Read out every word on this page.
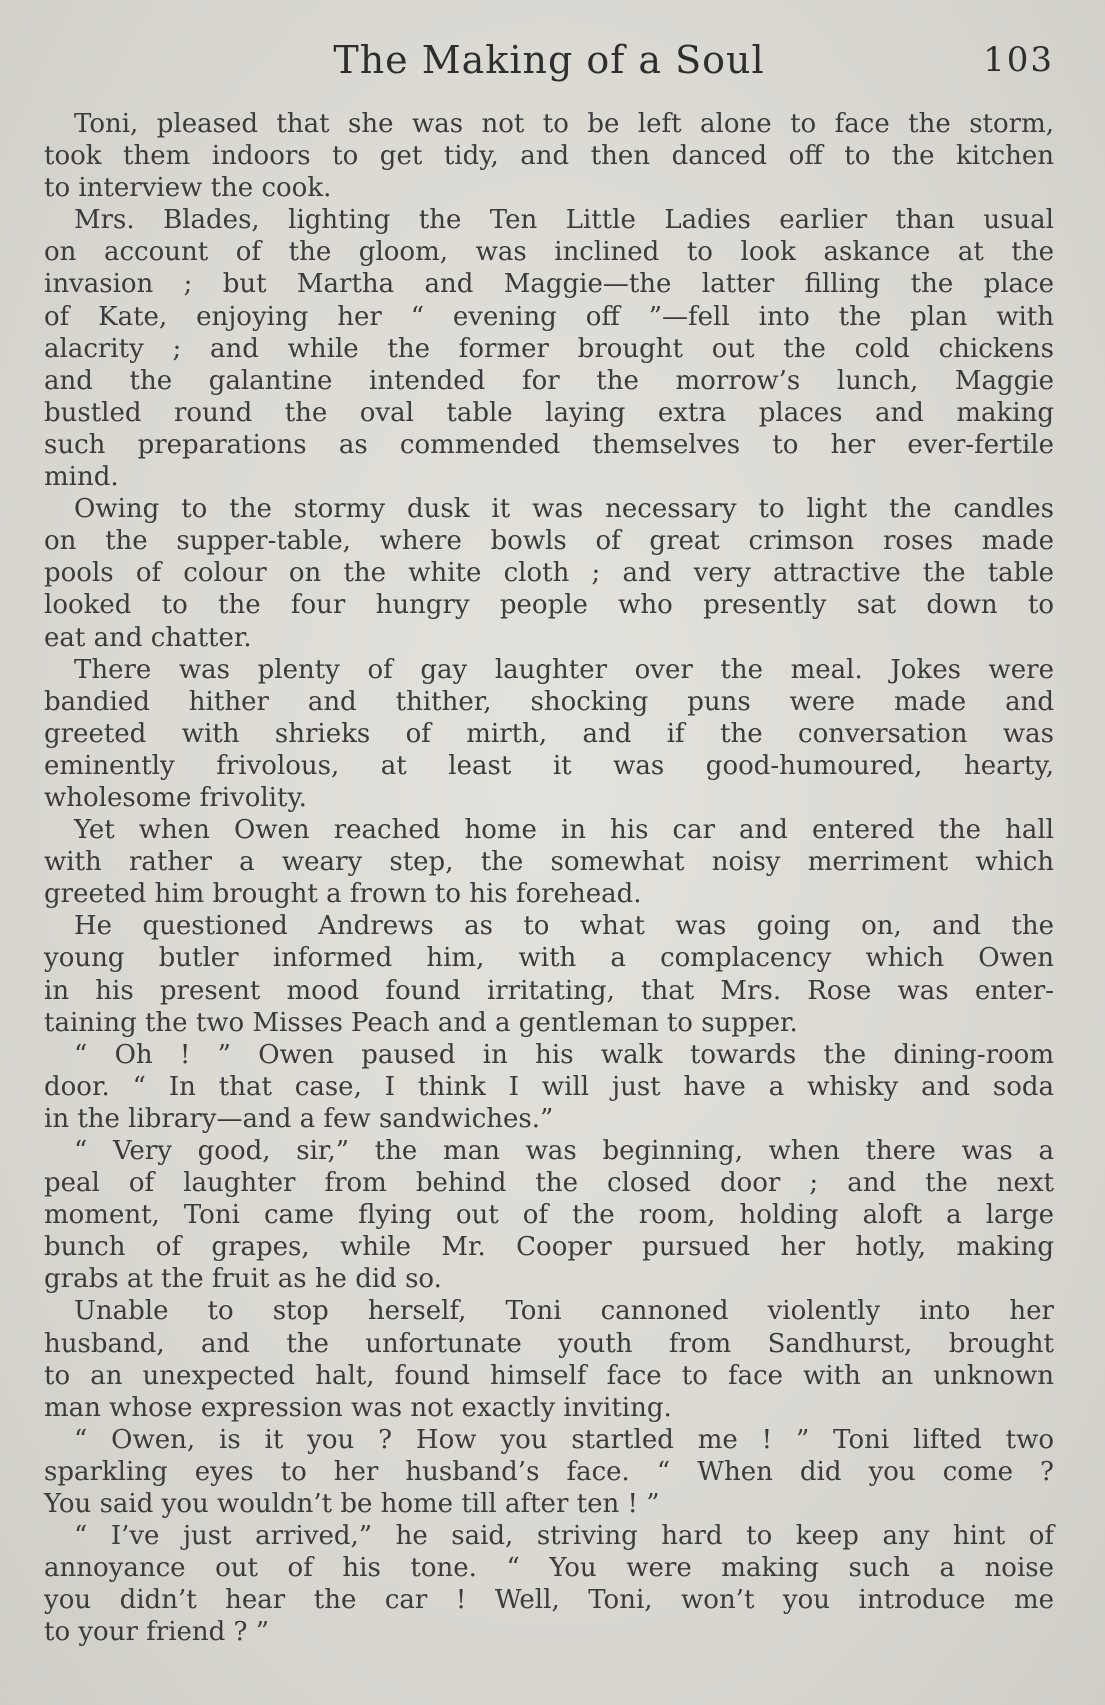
The Making of a Soul	103
Toni, pleased that she was not to be left alone to face the storm,
took them indoors to get tidy, and then danced off to the kitchen
to interview the cook.
Mrs. Blades, lighting the Ten Little Ladies earlier than usual
on account of the gloom, was inclined to look askance at the
invasion ; but Martha and Maggie—the latter filling the place
of Kate, enjoying her “ evening off ”—fell into the plan with
alacrity ; and while the former brought out the cold chickens
and the galantine intended for the morrow’s lunch, Maggie
bustled round the oval table laying extra places and making
such preparations as commended themselves to her ever-fertile
mind.
Owing to the stormy dusk it was necessary to light the candles
on the supper-table, where bowls of great crimson roses made
pools of colour on the white cloth ; and very attractive the table
looked to the four hungry people who presently sat down to
eat and chatter.
There was plenty of gay laughter over the meal. Jokes were
bandied hither and thither, shocking puns were made and
greeted with shrieks of mirth, and if the conversation was
eminently frivolous, at least it was good-humoured, hearty,
wholesome frivolity.
Yet when Owen reached home in his car and entered the hall
with rather a weary step, the somewhat noisy merriment which
greeted him brought a frown to his forehead.
He questioned Andrews as to what was going on, and the
young butler informed him, with a complacency which Owen
in his present mood found irritating, that Mrs. Rose was enter-
taining the two Misses Peach and a gentleman to supper.
“ Oh ! ” Owen paused in his walk towards the dining-room
door. “ In that case, I think I will just have a whisky and soda
in the library—and a few sandwiches.”
“ Very good, sir,” the man was beginning, when there was a
peal of laughter from behind the closed door ; and the next
moment, Toni came flying out of the room, holding aloft a large
bunch of grapes, while Mr. Cooper pursued her hotly, making
grabs at the fruit as he did so.
Unable to stop herself, Toni cannoned violently into her
husband, and the unfortunate youth from Sandhurst, brought
to an unexpected halt, found himself face to face with an unknown
man whose expression was not exactly inviting.
“ Owen, is it you ? How you startled me ! ” Toni lifted two
sparkling eyes to her husband’s face. “ When did you come ?
You said you wouldn’t be home till after ten ! ”
“ I’ve just arrived,” he said, striving hard to keep any hint of
annoyance out of his tone. “ You were making such a noise
you didn’t hear the car ! Well, Toni, won’t you introduce me
to your friend ? ”
